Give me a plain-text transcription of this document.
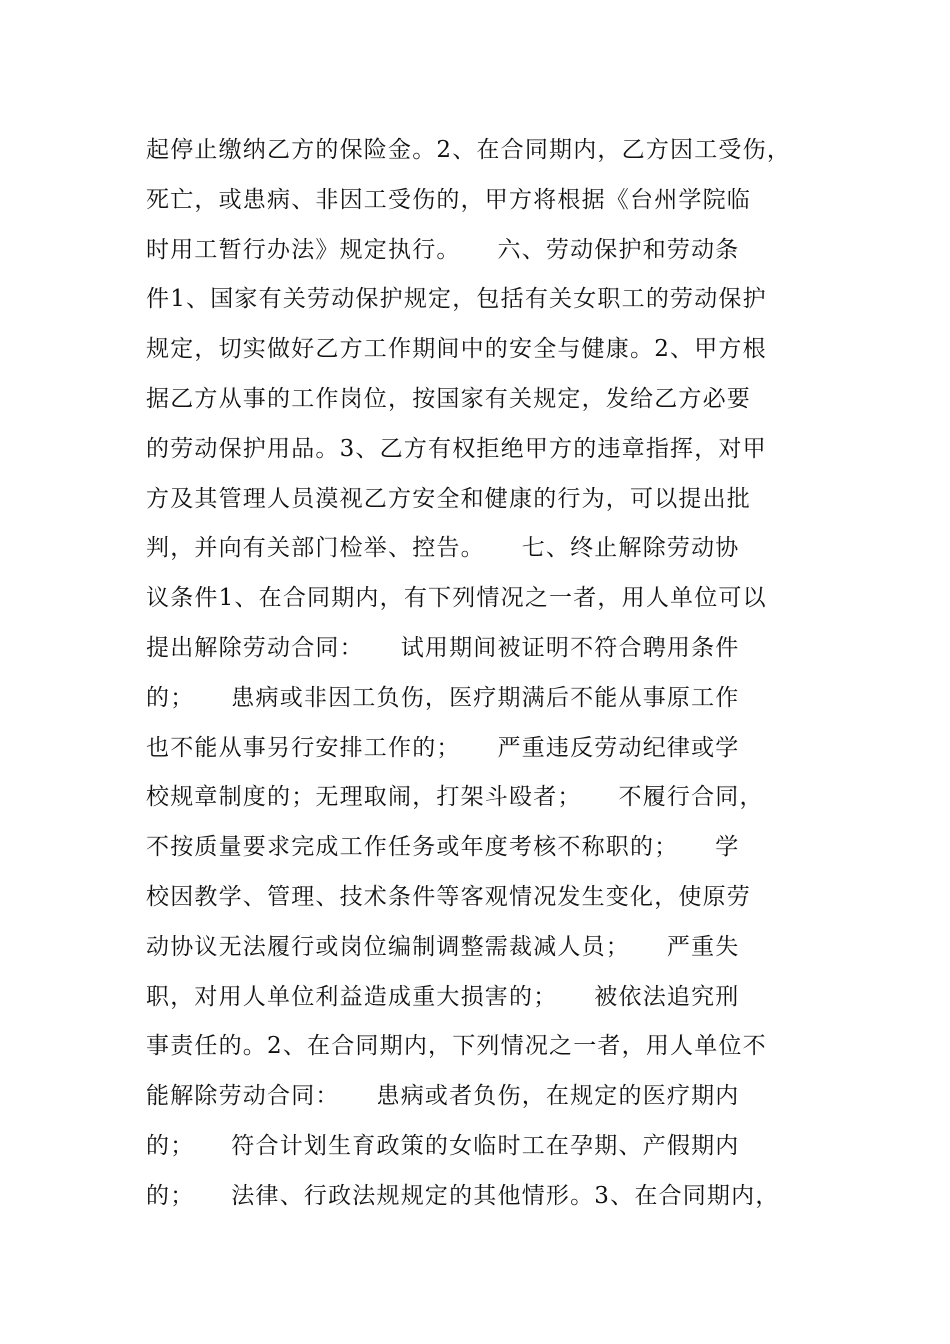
起停止缴纳乙方的保险金。2、在合同期内，乙方因工受伤，
死亡，或患病、非因工受伤的，甲方将根据《台州学院临
时用工暂行办法》规定执行。　　六、劳动保护和劳动条
件1、国家有关劳动保护规定，包括有关女职工的劳动保护
规定，切实做好乙方工作期间中的安全与健康。2、甲方根
据乙方从事的工作岗位，按国家有关规定，发给乙方必要
的劳动保护用品。3、乙方有权拒绝甲方的违章指挥，对甲
方及其管理人员漠视乙方安全和健康的行为，可以提出批
判，并向有关部门检举、控告。　　七、终止解除劳动协
议条件1、在合同期内，有下列情况之一者，用人单位可以
提出解除劳动合同：　　试用期间被证明不符合聘用条件
的；　　患病或非因工负伤，医疗期满后不能从事原工作
也不能从事另行安排工作的；　　严重违反劳动纪律或学
校规章制度的；无理取闹，打架斗殴者；　　不履行合同，
不按质量要求完成工作任务或年度考核不称职的；　　学
校因教学、管理、技术条件等客观情况发生变化，使原劳
动协议无法履行或岗位编制调整需裁减人员；　　严重失
职，对用人单位利益造成重大损害的；　　被依法追究刑
事责任的。2、在合同期内，下列情况之一者，用人单位不
能解除劳动合同：　　患病或者负伤，在规定的医疗期内
的；　　符合计划生育政策的女临时工在孕期、产假期内
的；　　法律、行政法规规定的其他情形。3、在合同期内，
